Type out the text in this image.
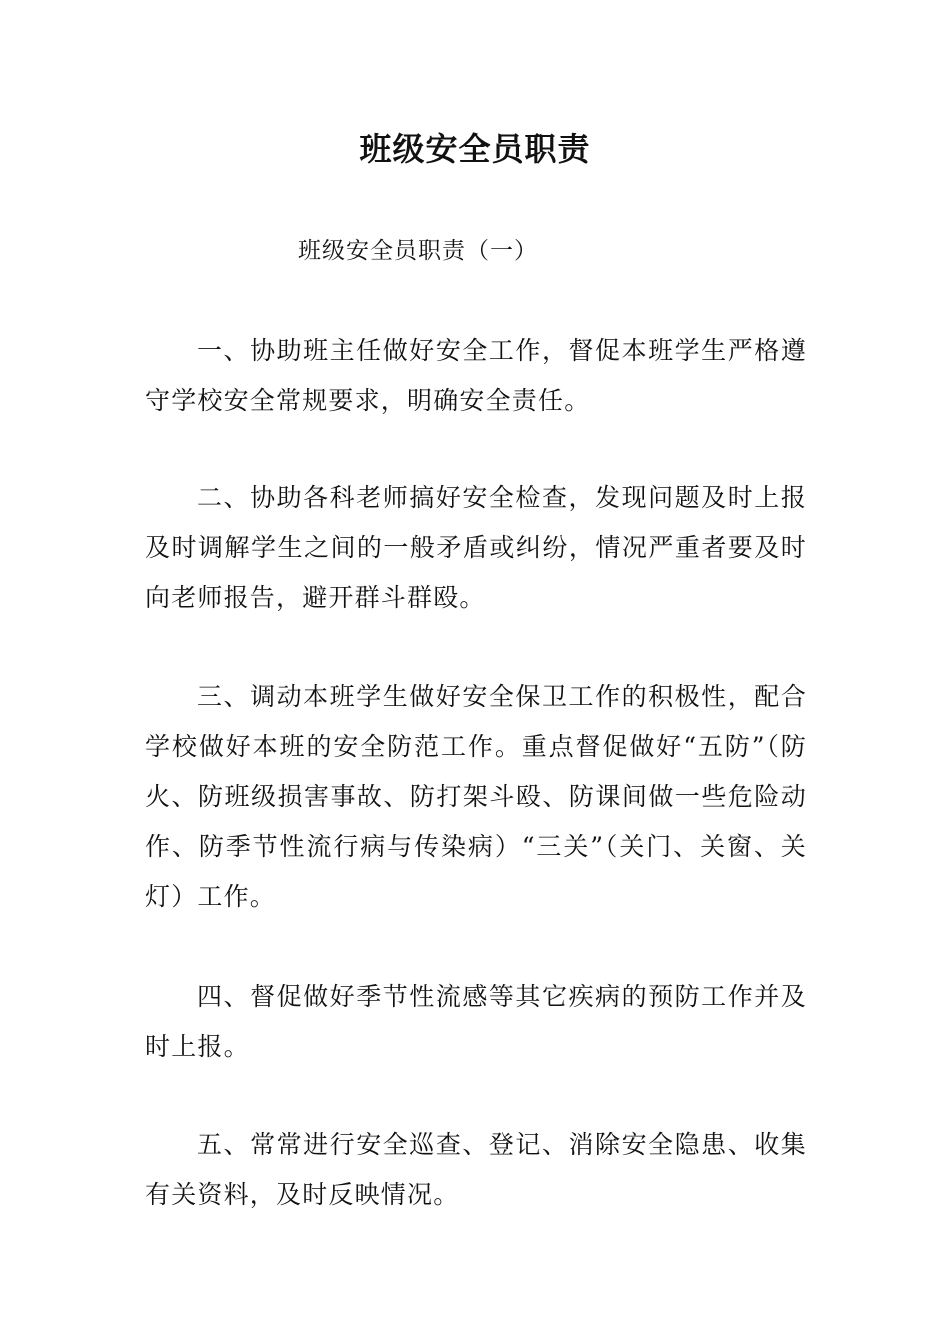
班级安全员职责

班级安全员职责（一）

一、协助班主任做好安全工作，督促本班学生严格遵守学校安全常规要求，明确安全责任。

二、协助各科老师搞好安全检查，发现问题及时上报及时调解学生之间的一般矛盾或纠纷，情况严重者要及时向老师报告，避开群斗群殴。

三、调动本班学生做好安全保卫工作的积极性，配合学校做好本班的安全防范工作。重点督促做好“五防”（防火、防班级损害事故、防打架斗殴、防课间做一些危险动作、防季节性流行病与传染病）“三关”（关门、关窗、关灯）工作。

四、督促做好季节性流感等其它疾病的预防工作并及时上报。

五、常常进行安全巡查、登记、消除安全隐患、收集有关资料，及时反映情况。
